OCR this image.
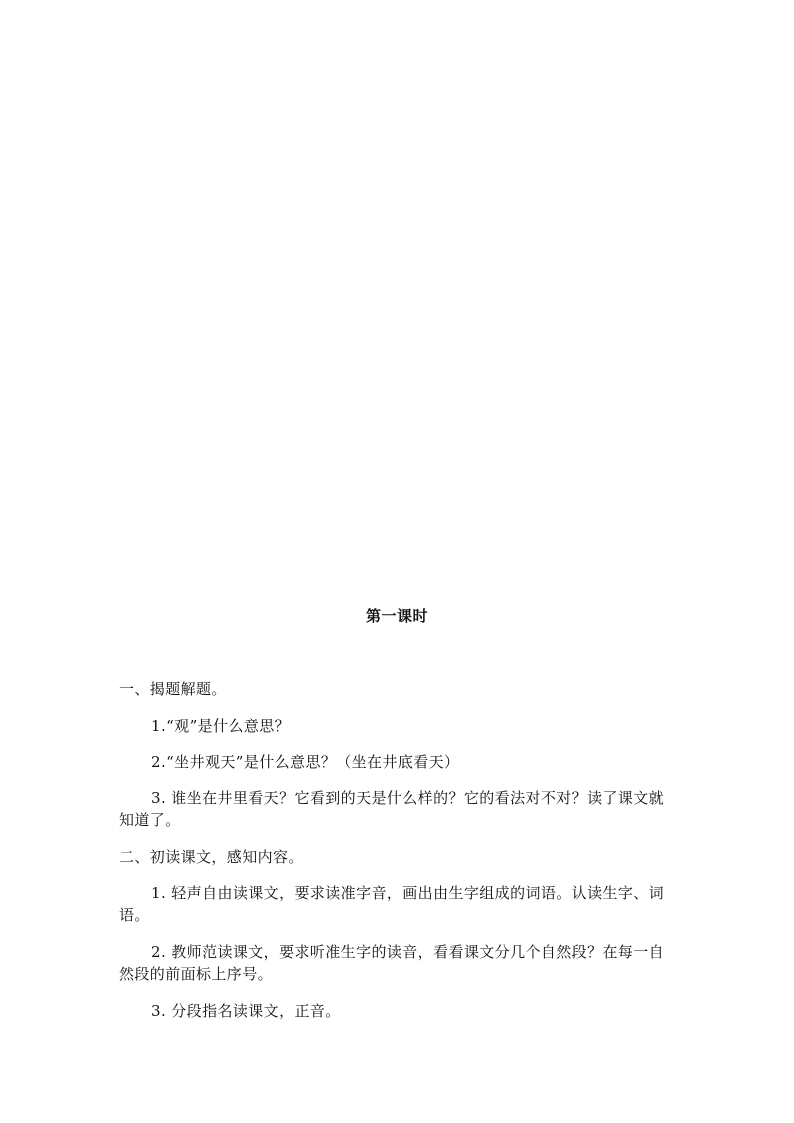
第一课时
一、揭题解题。
1.“观”是什么意思？
2.“坐井观天”是什么意思？（坐在井底看天）
3. 谁坐在井里看天？它看到的天是什么样的？它的看法对不对？读了课文就知道了。
二、初读课文，感知内容。
1. 轻声自由读课文，要求读准字音，画出由生字组成的词语。认读生字、词语。
2. 教师范读课文，要求听准生字的读音，看看课文分几个自然段？在每一自然段的前面标上序号。
3. 分段指名读课文，正音。
